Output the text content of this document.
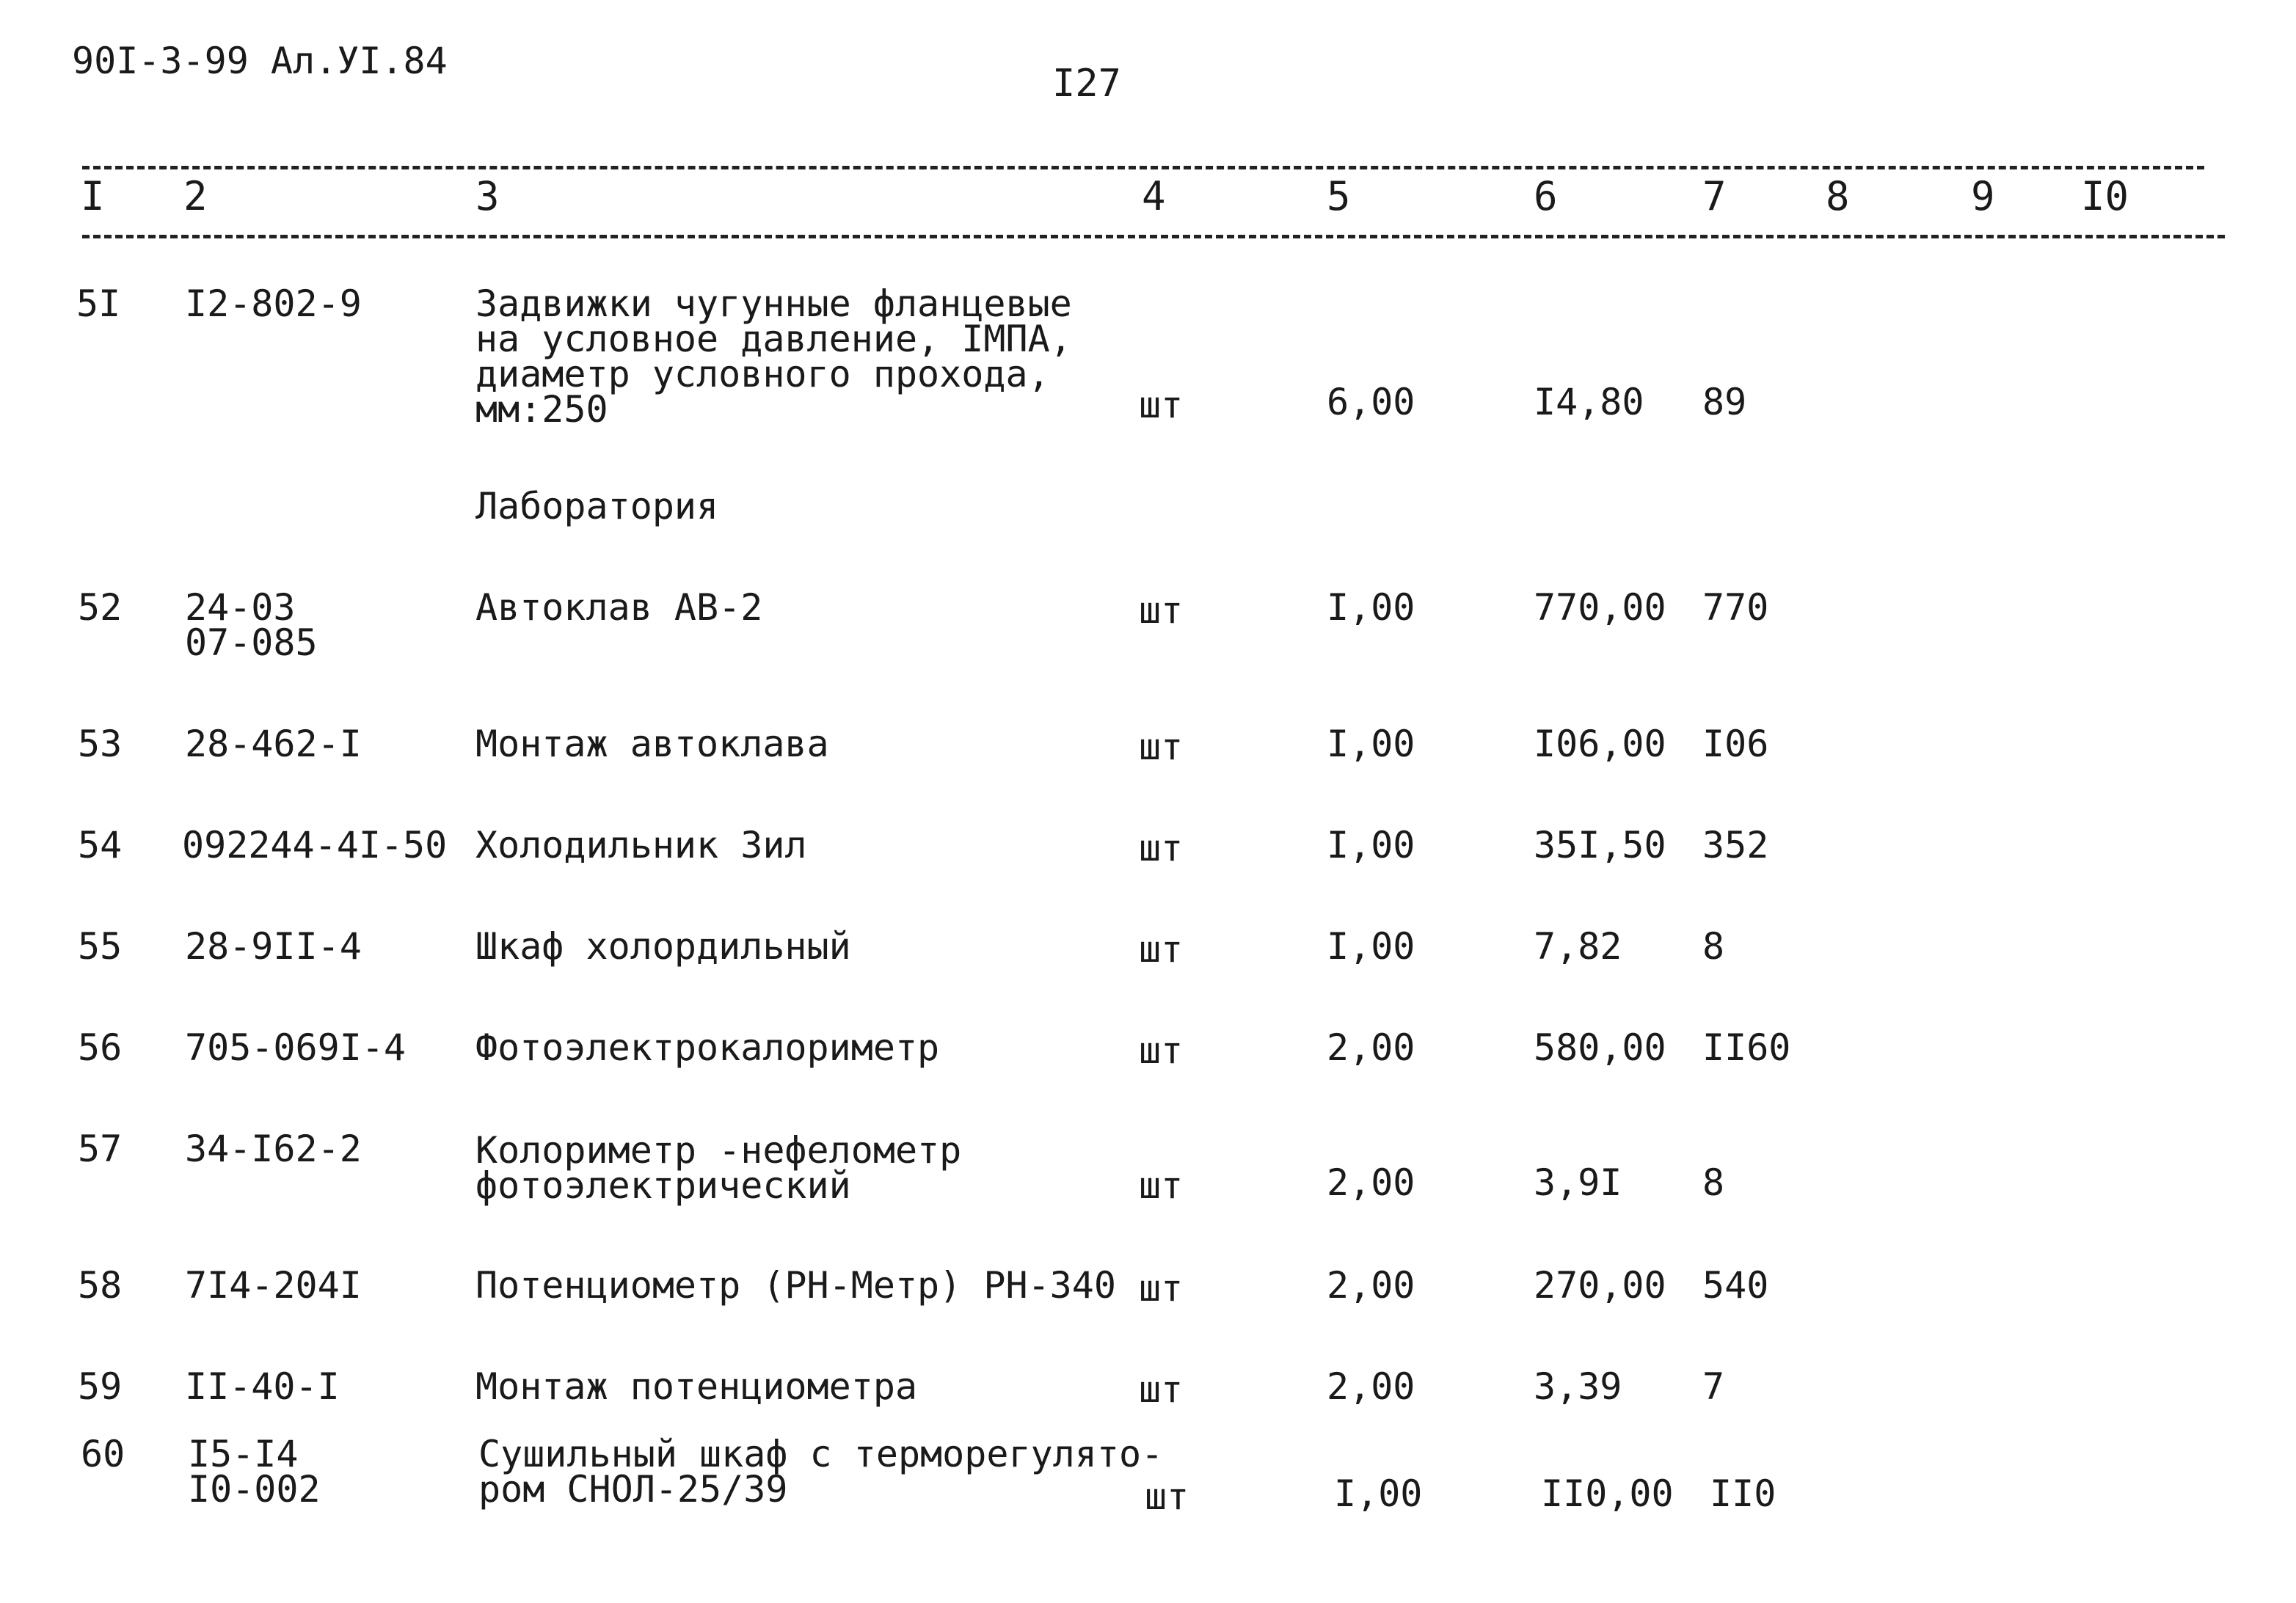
90I-3-99 Ал.УI.84
I27
I 2	3	4	5	6	7	8	9 I0
5I I2-802-9	Задвижки чугунные фланцевые
на условное давление, IМПА,
диаметр условного прохода,
мм:250	шт	6,00	I4,80 89
Лаборатория
52 24-03
07-085
Автоклав АВ-2	шт	I,00	770,00 770
53 28-462-I	Монтаж автоклава	шт	I,00	I06,00 I06
54 092244-4I-50 Холодильник Зил	шт	I,00	35I,50 352
55 28-9II-4	Шкаф холордильный	шт	I,00	7,82 8
56 705-069I-4 Фотоэлектрокалориметр	шт	2,00	580,00 II60
57 34-I62-2	Колориметр -нефелометр
фотоэлектрический	шт	2,00	3,9I 8
58 7I4-204I	Потенциометр (РН-Метр) РН-340 шт	2,00	270,00 540
59 II-40-I	Монтаж потенциометра	шт	2,00	3,39 7
60 I5-I4
I0-002
Сушильный шкаф с терморегулято-
ром СНОЛ-25/39	шт	I,00	II0,00 II0
